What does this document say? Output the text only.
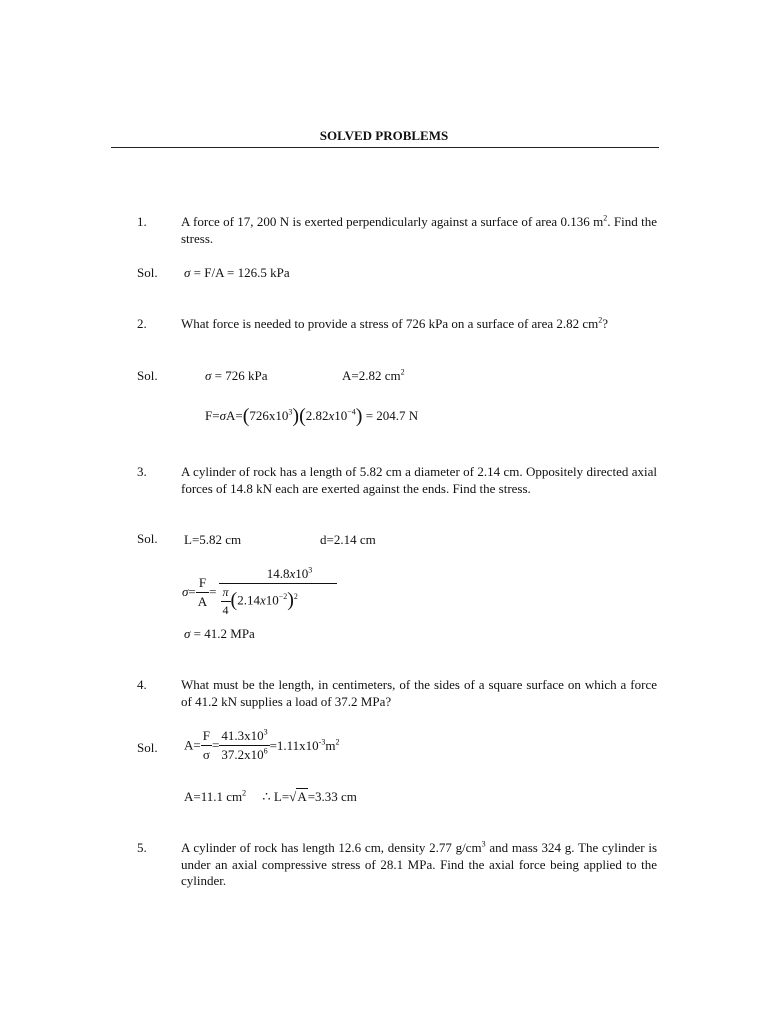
SOLVED PROBLEMS
1.	A force of 17, 200 N is exerted perpendicularly against a surface of area 0.136 $m^2$. Find the stress.
Sol. σ = F/A = 126.5 kPa
2.	What force is needed to provide a stress of 726 kPa on a surface of area 2.82 $cm^2$?
Sol.	σ = 726 kPa	A=2.82 $cm^2$
$F=\sigma A=(726x10^3)(2.82x10^{-4}) = 204.7$ N
3.	A cylinder of rock has a length of 5.82 cm a diameter of 2.14 cm. Oppositely directed axial forces of 14.8 kN each are exerted against the ends. Find the stress.
Sol. L=5.82 cm	d=2.14 cm
$\sigma= \frac{F}{A} = \frac{14.8x10^3}{\frac{\pi}{4} (2.14x10^{-2})^2}$
σ = 41.2 MPa
4.	What must be the length, in centimeters, of the sides of a square surface on which a force of 41.2 kN supplies a load of 37.2 MPa?
Sol. $A= \frac{F}{\sigma} = \frac{41.3x10^3}{37.2x10^6} =1.11x10^{-3}m^2$
A=11.1 $cm^2$     ∴ L=√A=3.33 cm
5.	A cylinder of rock has length 12.6 cm, density 2.77 $g/cm^3$ and mass 324 g. The cylinder is under an axial compressive stress of 28.1 MPa. Find the axial force being applied to the cylinder.
